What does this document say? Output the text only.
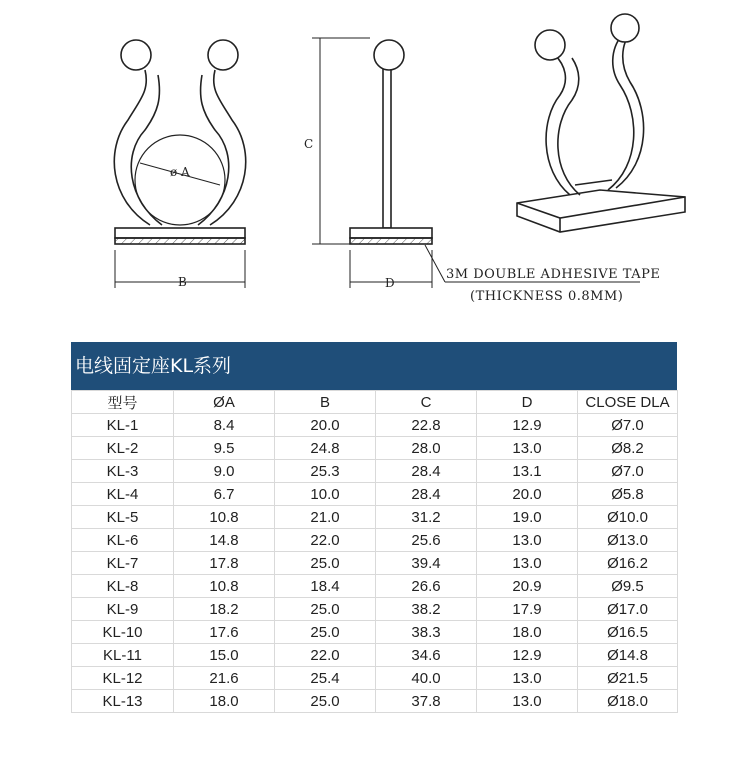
ø A
B
C
D
3M DOUBLE ADHESIVE TAPE
(THICKNESS 0.8MM)
电线固定座KL系列
型号	ØA	B	C	D	CLOSE DLA
KL-1	8.4	20.0	22.8	12.9	Ø7.0
KL-2	9.5	24.8	28.0	13.0	Ø8.2
KL-3	9.0	25.3	28.4	13.1	Ø7.0
KL-4	6.7	10.0	28.4	20.0	Ø5.8
KL-5	10.8	21.0	31.2	19.0	Ø10.0
KL-6	14.8	22.0	25.6	13.0	Ø13.0
KL-7	17.8	25.0	39.4	13.0	Ø16.2
KL-8	10.8	18.4	26.6	20.9	Ø9.5
KL-9	18.2	25.0	38.2	17.9	Ø17.0
KL-10	17.6	25.0	38.3	18.0	Ø16.5
KL-11	15.0	22.0	34.6	12.9	Ø14.8
KL-12	21.6	25.4	40.0	13.0	Ø21.5
KL-13	18.0	25.0	37.8	13.0	Ø18.0
